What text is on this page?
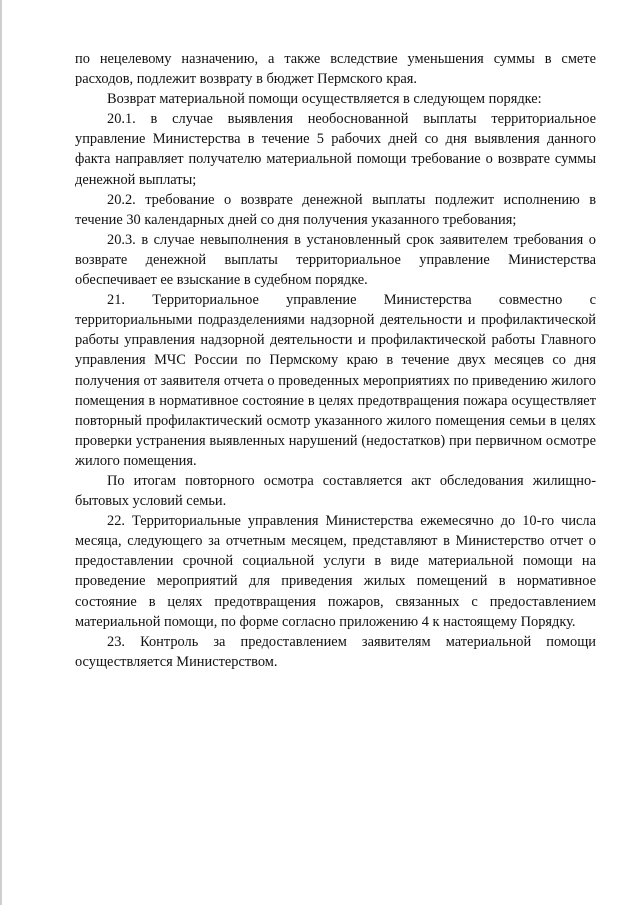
по нецелевому назначению, а также вследствие уменьшения суммы в смете расходов, подлежит возврату в бюджет Пермского края.

Возврат материальной помощи осуществляется в следующем порядке:

20.1. в случае выявления необоснованной выплаты территориальное управление Министерства в течение 5 рабочих дней со дня выявления данного факта направляет получателю материальной помощи требование о возврате суммы денежной выплаты;

20.2. требование о возврате денежной выплаты подлежит исполнению в течение 30 календарных дней со дня получения указанного требования;

20.3. в случае невыполнения в установленный срок заявителем требования о возврате денежной выплаты территориальное управление Министерства обеспечивает ее взыскание в судебном порядке.

21. Территориальное управление Министерства совместно с территориальными подразделениями надзорной деятельности и профилактической работы управления надзорной деятельности и профилактической работы Главного управления МЧС России по Пермскому краю в течение двух месяцев со дня получения от заявителя отчета о проведенных мероприятиях по приведению жилого помещения в нормативное состояние в целях предотвращения пожара осуществляет повторный профилактический осмотр указанного жилого помещения семьи в целях проверки устранения выявленных нарушений (недостатков) при первичном осмотре жилого помещения.

По итогам повторного осмотра составляется акт обследования жилищно-бытовых условий семьи.

22. Территориальные управления Министерства ежемесячно до 10-го числа месяца, следующего за отчетным месяцем, представляют в Министерство отчет о предоставлении срочной социальной услуги в виде материальной помощи на проведение мероприятий для приведения жилых помещений в нормативное состояние в целях предотвращения пожаров, связанных с предоставлением материальной помощи, по форме согласно приложению 4 к настоящему Порядку.

23. Контроль за предоставлением заявителям материальной помощи осуществляется Министерством.
